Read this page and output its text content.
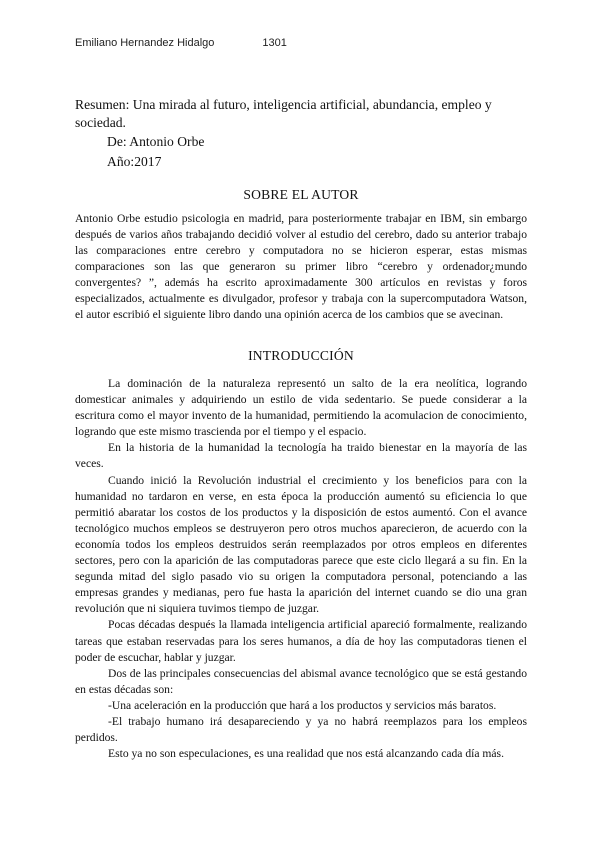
Emiliano Hernandez Hidalgo	1301
Resumen: Una mirada al futuro, inteligencia artificial, abundancia, empleo y sociedad.
De: Antonio Orbe
Año:2017
SOBRE EL AUTOR

Antonio Orbe estudio psicologia en madrid, para posteriormente trabajar en IBM, sin embargo después de varios años trabajando decidió volver al estudio del cerebro, dado su anterior trabajo las comparaciones entre cerebro y computadora no se hicieron esperar, estas mismas comparaciones son las que generaron su primer libro “cerebro y ordenador¿mundo convergentes? ”, además ha escrito aproximadamente 300 artículos en revistas y foros especializados, actualmente es divulgador, profesor y trabaja con la supercomputadora Watson, el autor escribió el siguiente libro dando una opinión acerca de los cambios que se avecinan.

INTRODUCCIÓN

La dominación de la naturaleza representó un salto de la era neolítica, logrando domesticar animales y adquiriendo un estilo de vida sedentario. Se puede considerar a la escritura como el mayor invento de la humanidad, permitiendo la acomulacion de conocimiento, logrando que este mismo trasciendа por el tiempo y el espacio.

En la historia de la humanidad la tecnología ha traido bienestar en la mayoría de las veces.

Cuando inició la Revolución industrial el crecimiento y los beneficios para con la humanidad no tardaron en verse, en esta época la producción aumentó su eficiencia lo que permitió abaratar los costos de los productos y la disposición de estos aumentó. Con el avance tecnológico muchos empleos se destruyeron pero otros muchos aparecieron, de acuerdo con la economía todos los empleos destruidos serán reemplazados por otros empleos en diferentes sectores, pero con la aparición de las computadoras parece que este ciclo llegará a su fin. En la segunda mitad del siglo pasado vio su origen la computadora personal, potenciando a las empresas grandes y medianas, pero fue hasta la aparición del internet cuando se dio una gran revolución que ni siquiera tuvimos tiempo de juzgar.

Pocas décadas después la llamada inteligencia artificial apareció formalmente, realizando tareas que estaban reservadas para los seres humanos, a día de hoy las computadoras tienen el poder de escuchar, hablar y juzgar.

Dos de las principales consecuencias del abismal avance tecnológico que se está gestando en estas décadas son:

-Una aceleración en la producción que hará a los productos y servicios más baratos.

-El trabajo humano irá desapareciendo y ya no habrá reemplazos para los empleos perdidos.

Esto ya no son especulaciones, es una realidad que nos está alcanzando cada día más.
